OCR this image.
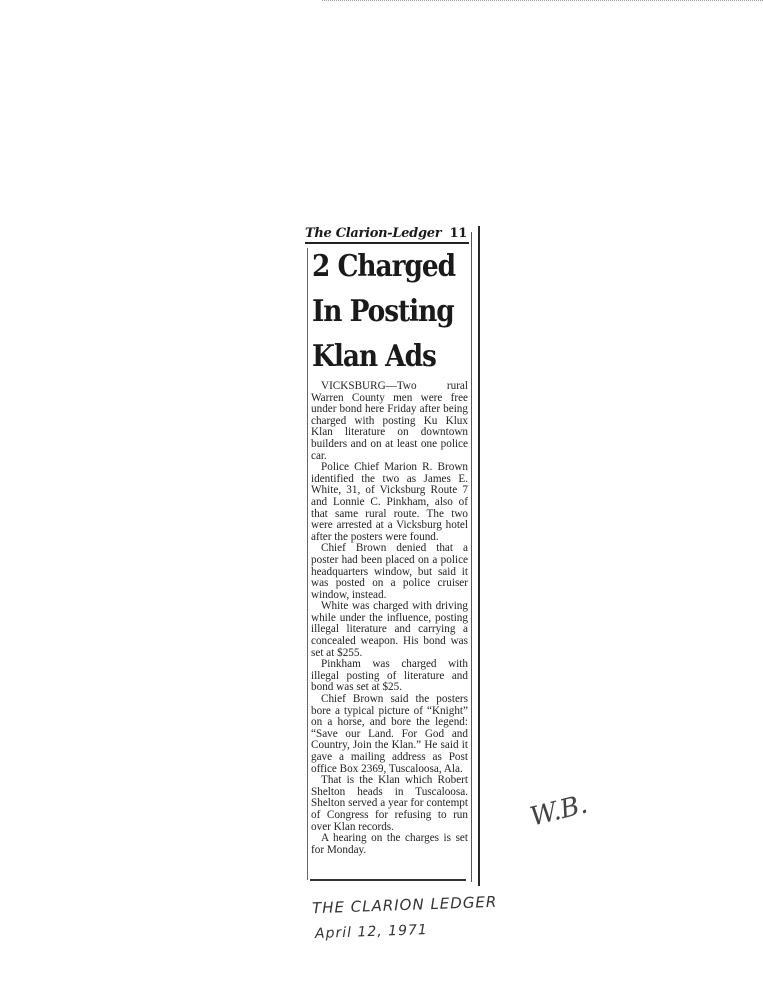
The Clarion-Ledger 11
2 Charged
In Posting
Klan Ads

VICKSBURG—Two rural Warren County men were free under bond here Friday after being charged with posting Ku Klux Klan literature on downtown builders and on at least one police car.

Police Chief Marion R. Brown identified the two as James E. White, 31, of Vicksburg Route 7 and Lonnie C. Pinkham, also of that same rural route. The two were arrested at a Vicksburg hotel after the posters were found.

Chief Brown denied that a poster had been placed on a police headquarters window, but said it was posted on a police cruiser window, instead.

White was charged with driving while under the influence, posting illegal literature and carrying a concealed weapon. His bond was set at $255.

Pinkham was charged with illegal posting of literature and bond was set at $25.

Chief Brown said the posters bore a typical picture of “Knight” on a horse, and bore the legend: “Save our Land. For God and Country, Join the Klan.” He said it gave a mailing address as Post office Box 2369, Tuscaloosa, Ala.

That is the Klan which Robert Shelton heads in Tuscaloosa. Shelton served a year for contempt of Congress for refusing to run over Klan records.

A hearing on the charges is set for Monday.

THE CLARION LEDGER
April 12, 1971
W.B.
